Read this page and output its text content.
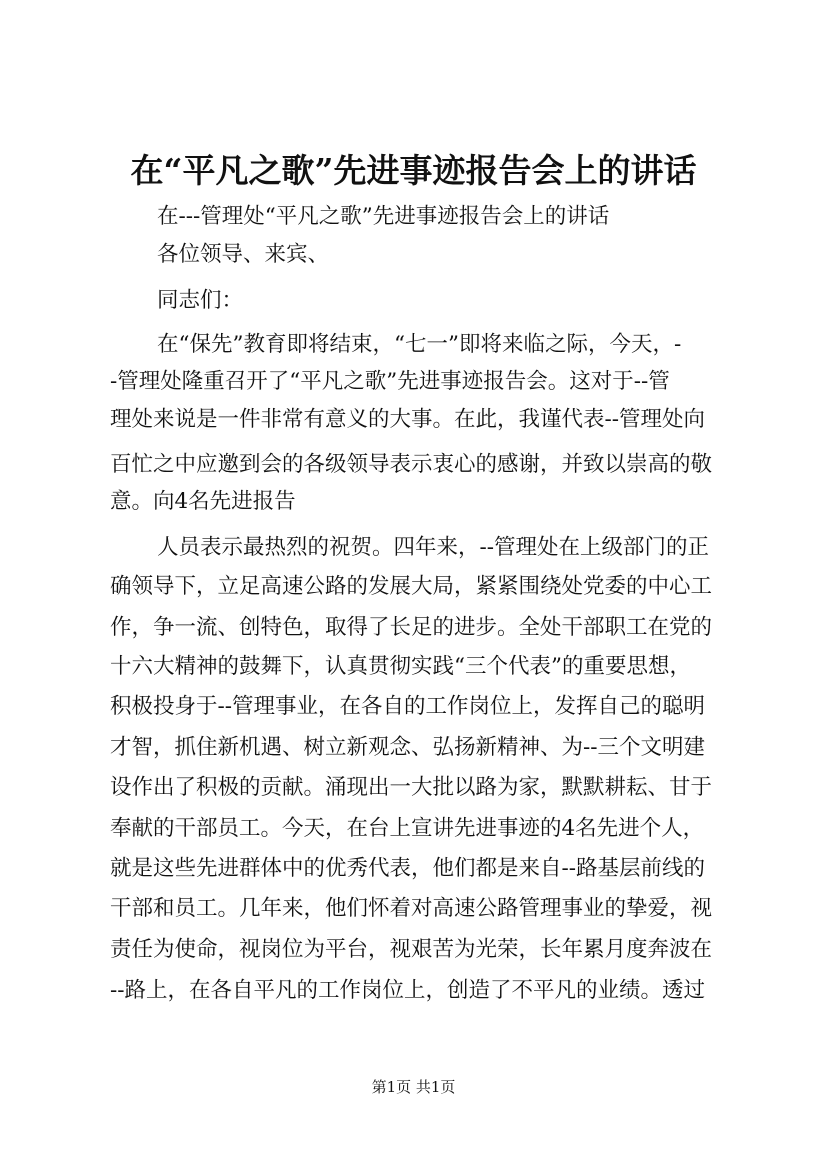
在“平凡之歌”先进事迹报告会上的讲话
在---管理处“平凡之歌”先进事迹报告会上的讲话
各位领导、来宾、
同志们：
在“保先”教育即将结束，“七一”即将来临之际，今天，-
-管理处隆重召开了“平凡之歌”先进事迹报告会。这对于--管
理处来说是一件非常有意义的大事。在此，我谨代表--管理处向
百忙之中应邀到会的各级领导表示衷心的感谢，并致以崇高的敬
意。向4名先进报告
人员表示最热烈的祝贺。四年来，--管理处在上级部门的正
确领导下，立足高速公路的发展大局，紧紧围绕处党委的中心工
作，争一流、创特色，取得了长足的进步。全处干部职工在党的
十六大精神的鼓舞下，认真贯彻实践“三个代表”的重要思想，
积极投身于--管理事业，在各自的工作岗位上，发挥自己的聪明
才智，抓住新机遇、树立新观念、弘扬新精神、为--三个文明建
设作出了积极的贡献。涌现出一大批以路为家，默默耕耘、甘于
奉献的干部员工。今天，在台上宣讲先进事迹的4名先进个人，
就是这些先进群体中的优秀代表，他们都是来自--路基层前线的
干部和员工。几年来，他们怀着对高速公路管理事业的挚爱，视
责任为使命，视岗位为平台，视艰苦为光荣，长年累月度奔波在
--路上，在各自平凡的工作岗位上，创造了不平凡的业绩。透过
第1页 共1页
